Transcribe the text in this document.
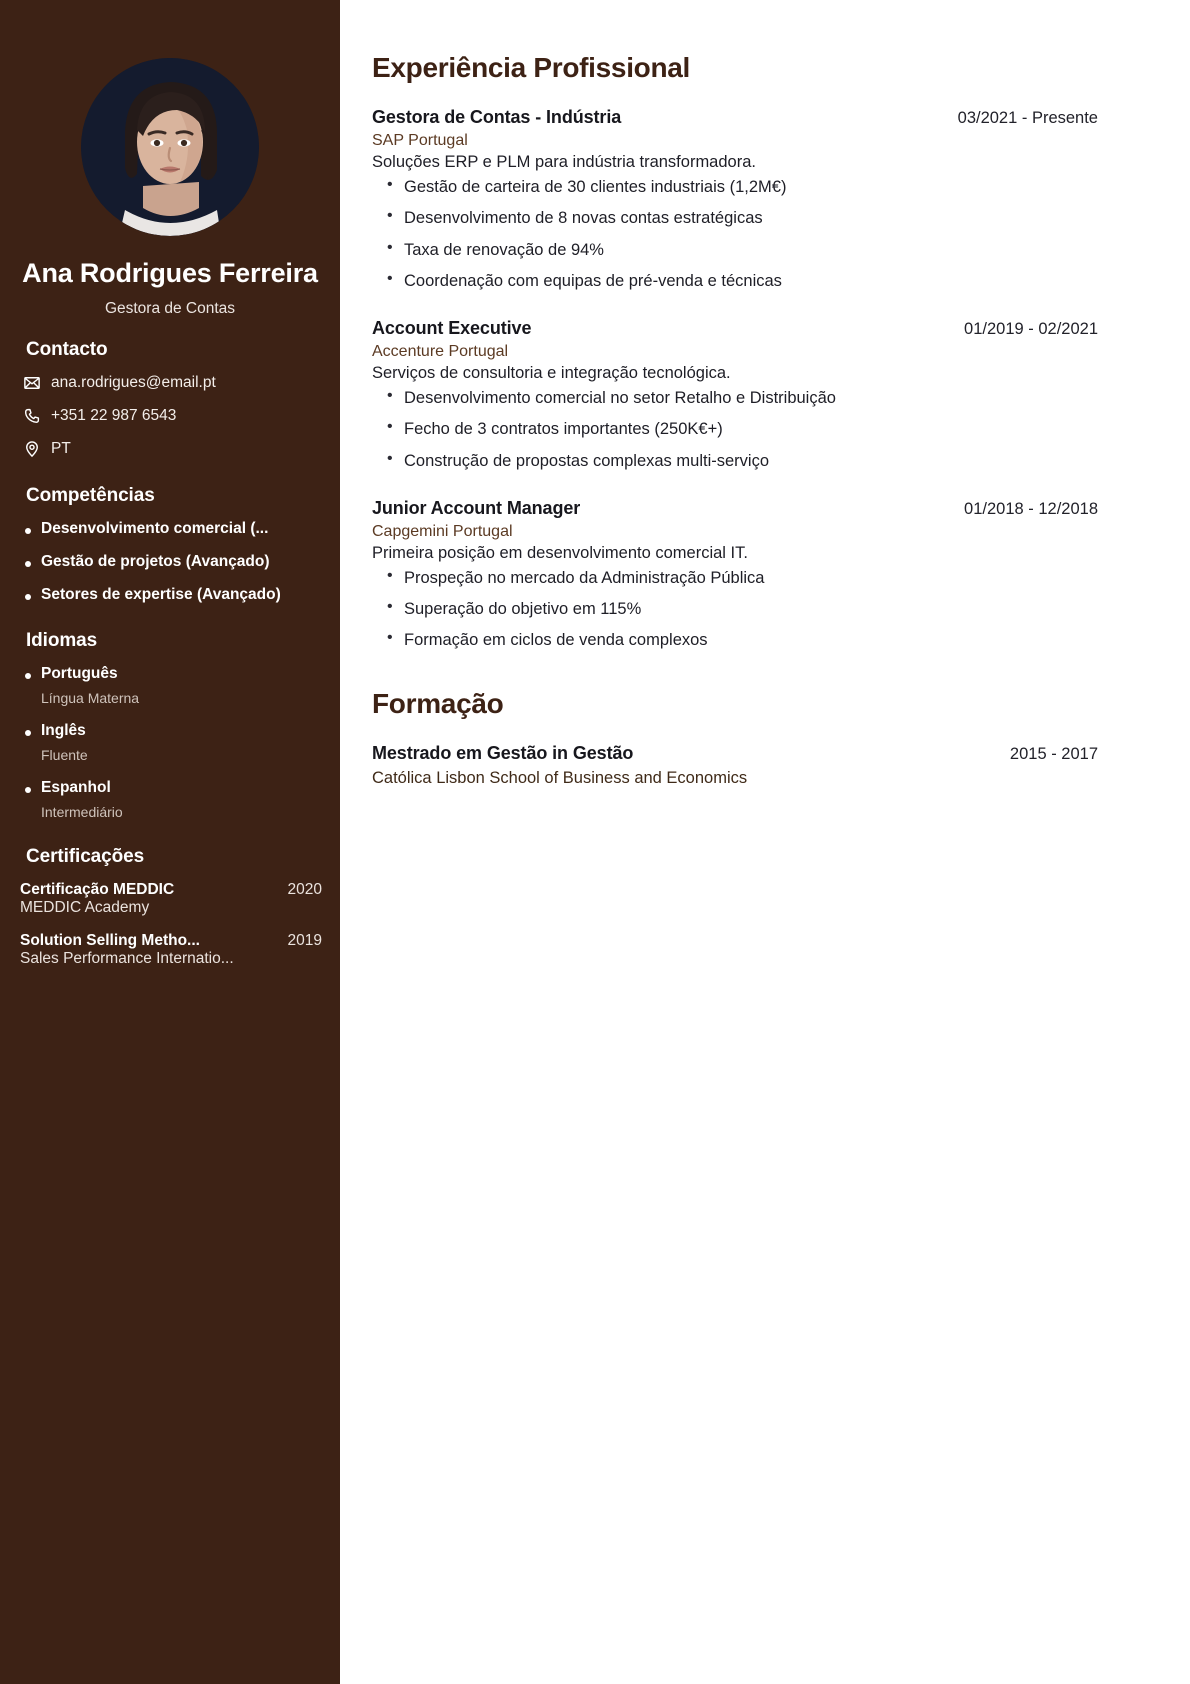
Ana Rodrigues Ferreira
Gestora de Contas
Contacto
ana.rodrigues@email.pt
+351 22 987 6543
PT
Competências
Desenvolvimento comercial (...
Gestão de projetos (Avançado)
Setores de expertise (Avançado)
Idiomas
Português
Língua Materna
Inglês
Fluente
Espanhol
Intermediário
Certificações
Certificação MEDDIC	2020
MEDDIC Academy
Solution Selling Metho...	2019
Sales Performance Internatio...
Experiência Profissional
Gestora de Contas - Indústria	03/2021 - Presente
SAP Portugal
Soluções ERP e PLM para indústria transformadora.
• Gestão de carteira de 30 clientes industriais (1,2M€)
• Desenvolvimento de 8 novas contas estratégicas
• Taxa de renovação de 94%
• Coordenação com equipas de pré-venda e técnicas
Account Executive	01/2019 - 02/2021
Accenture Portugal
Serviços de consultoria e integração tecnológica.
• Desenvolvimento comercial no setor Retalho e Distribuição
• Fecho de 3 contratos importantes (250K€+)
• Construção de propostas complexas multi-serviço
Junior Account Manager	01/2018 - 12/2018
Capgemini Portugal
Primeira posição em desenvolvimento comercial IT.
• Prospeção no mercado da Administração Pública
• Superação do objetivo em 115%
• Formação em ciclos de venda complexos
Formação
Mestrado em Gestão in Gestão	2015 - 2017
Católica Lisbon School of Business and Economics
